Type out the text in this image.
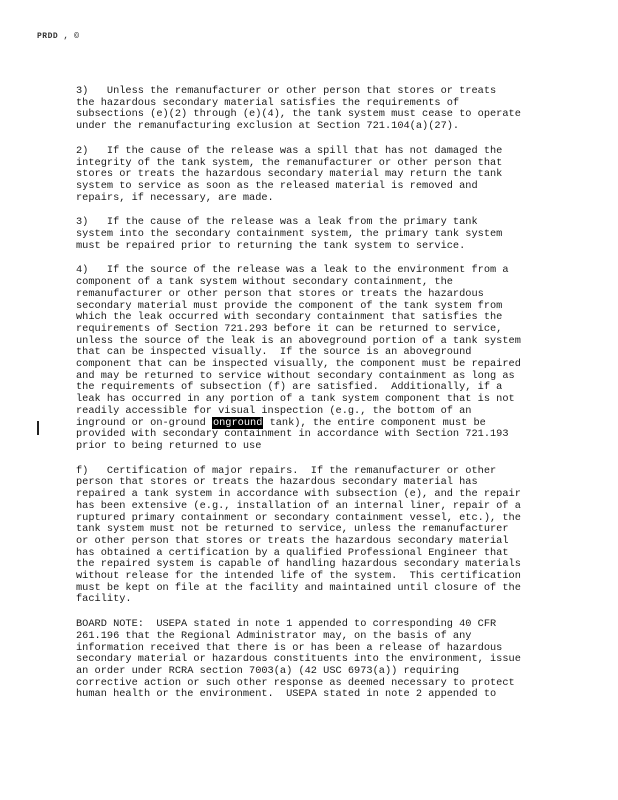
PRDD , ©
3)   Unless the remanufacturer or other person that stores or treats
the hazardous secondary material satisfies the requirements of
subsections (e)(2) through (e)(4), the tank system must cease to operate
under the remanufacturing exclusion at Section 721.104(a)(27).
2)   If the cause of the release was a spill that has not damaged the
integrity of the tank system, the remanufacturer or other person that
stores or treats the hazardous secondary material may return the tank
system to service as soon as the released material is removed and
repairs, if necessary, are made.
3)   If the cause of the release was a leak from the primary tank
system into the secondary containment system, the primary tank system
must be repaired prior to returning the tank system to service.
4)   If the source of the release was a leak to the environment from a
component of a tank system without secondary containment, the
remanufacturer or other person that stores or treats the hazardous
secondary material must provide the component of the tank system from
which the leak occurred with secondary containment that satisfies the
requirements of Section 721.293 before it can be returned to service,
unless the source of the leak is an aboveground portion of a tank system
that can be inspected visually.  If the source is an aboveground
component that can be inspected visually, the component must be repaired
and may be returned to service without secondary containment as long as
the requirements of subsection (f) are satisfied.  Additionally, if a
leak has occurred in any portion of a tank system component that is not
readily accessible for visual inspection (e.g., the bottom of an
inground or on-ground onground tank), the entire component must be
provided with secondary containment in accordance with Section 721.193
prior to being returned to use
f)   Certification of major repairs.  If the remanufacturer or other
person that stores or treats the hazardous secondary material has
repaired a tank system in accordance with subsection (e), and the repair
has been extensive (e.g., installation of an internal liner, repair of a
ruptured primary containment or secondary containment vessel, etc.), the
tank system must not be returned to service, unless the remanufacturer
or other person that stores or treats the hazardous secondary material
has obtained a certification by a qualified Professional Engineer that
the repaired system is capable of handling hazardous secondary materials
without release for the intended life of the system.  This certification
must be kept on file at the facility and maintained until closure of the
facility.
BOARD NOTE:  USEPA stated in note 1 appended to corresponding 40 CFR
261.196 that the Regional Administrator may, on the basis of any
information received that there is or has been a release of hazardous
secondary material or hazardous constituents into the environment, issue
an order under RCRA section 7003(a) (42 USC 6973(a)) requiring
corrective action or such other response as deemed necessary to protect
human health or the environment.  USEPA stated in note 2 appended to
